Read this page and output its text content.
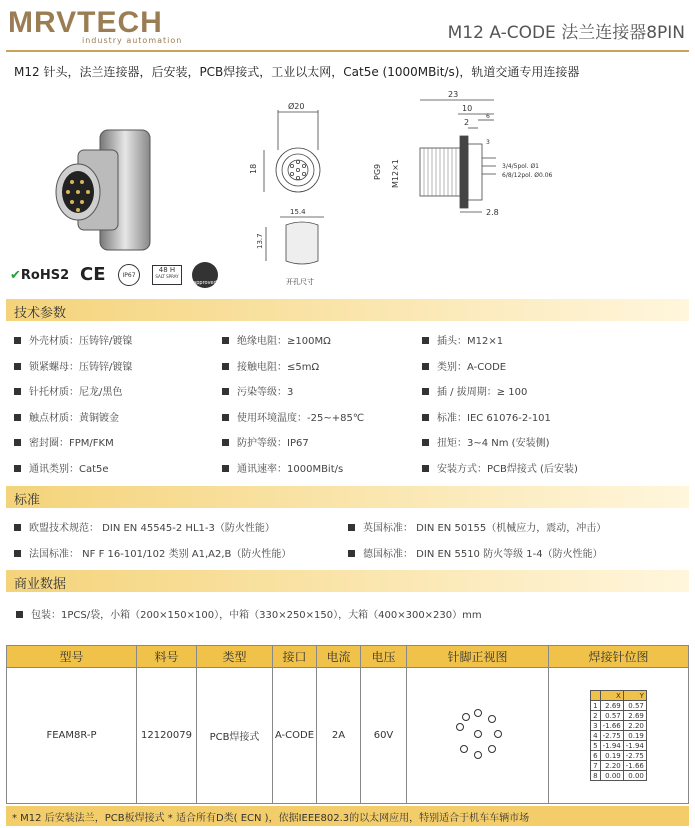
MRVTECH
industry automation	M12 A-CODE 法兰连接器8PIN
M12 针头，法兰连接器，后安装，PCB焊接式，工业以太网，Cat5e (1000MBit/s)，轨道交通专用连接器
Ø20
18
15.4
13.7
开孔尺寸
23
10
2
6
3
PG9 M12×1	3/4/5pol. Ø1
6/8/12pol. Ø0.06
2.8
✔RoHS2 CE	IP67
48 H
SALT SPRAY
approved
技术参数
外壳材质：压铸锌/镀镍	绝缘电阻：≥100MΩ	插头：M12×1
锁紧螺母：压铸锌/镀镍	接触电阻：≤5mΩ	类别：A-CODE
针托材质：尼龙/黑色	污染等级：3	插 / 拔周期：≥ 100
触点材质：黄铜镀金	使用环境温度：-25~+85℃	标准：IEC 61076-2-101
密封圈：FPM/FKM	防护等级：IP67	扭矩：3~4 Nm (安装侧)
通讯类别：Cat5e	通讯速率：1000MBit/s	安装方式：PCB焊接式 (后安装)
标准
欧盟技术规范： DIN EN 45545-2 HL1-3（防火性能）	英国标准： DIN EN 50155（机械应力，震动，冲击）
法国标准： NF F 16-101/102 类别 A1,A2,B（防火性能）	德国标准： DIN EN 5510 防火等级 1-4（防火性能）
商业数据
包装：1PCS/袋，小箱（200×150×100），中箱（330×250×150），大箱（400×300×230）mm
型号	料号	类型	接口	电流	电压	针脚正视图	焊接针位图
FEAM8R-P	12120079	PCB焊接式	A-CODE	2A	60V		
	X	Y
1	2.69	0.57
2	0.57	2.69
3	-1.66	2.20
4	-2.75	0.19
5	-1.94	-1.94
6	0.19	-2.75
7	2.20	-1.66
8	0.00	0.00
* M12 后安装法兰，PCB板焊接式 * 适合所有D类( ECN )，依据IEEE802.3的以太网应用，特别适合于机车车辆市场
